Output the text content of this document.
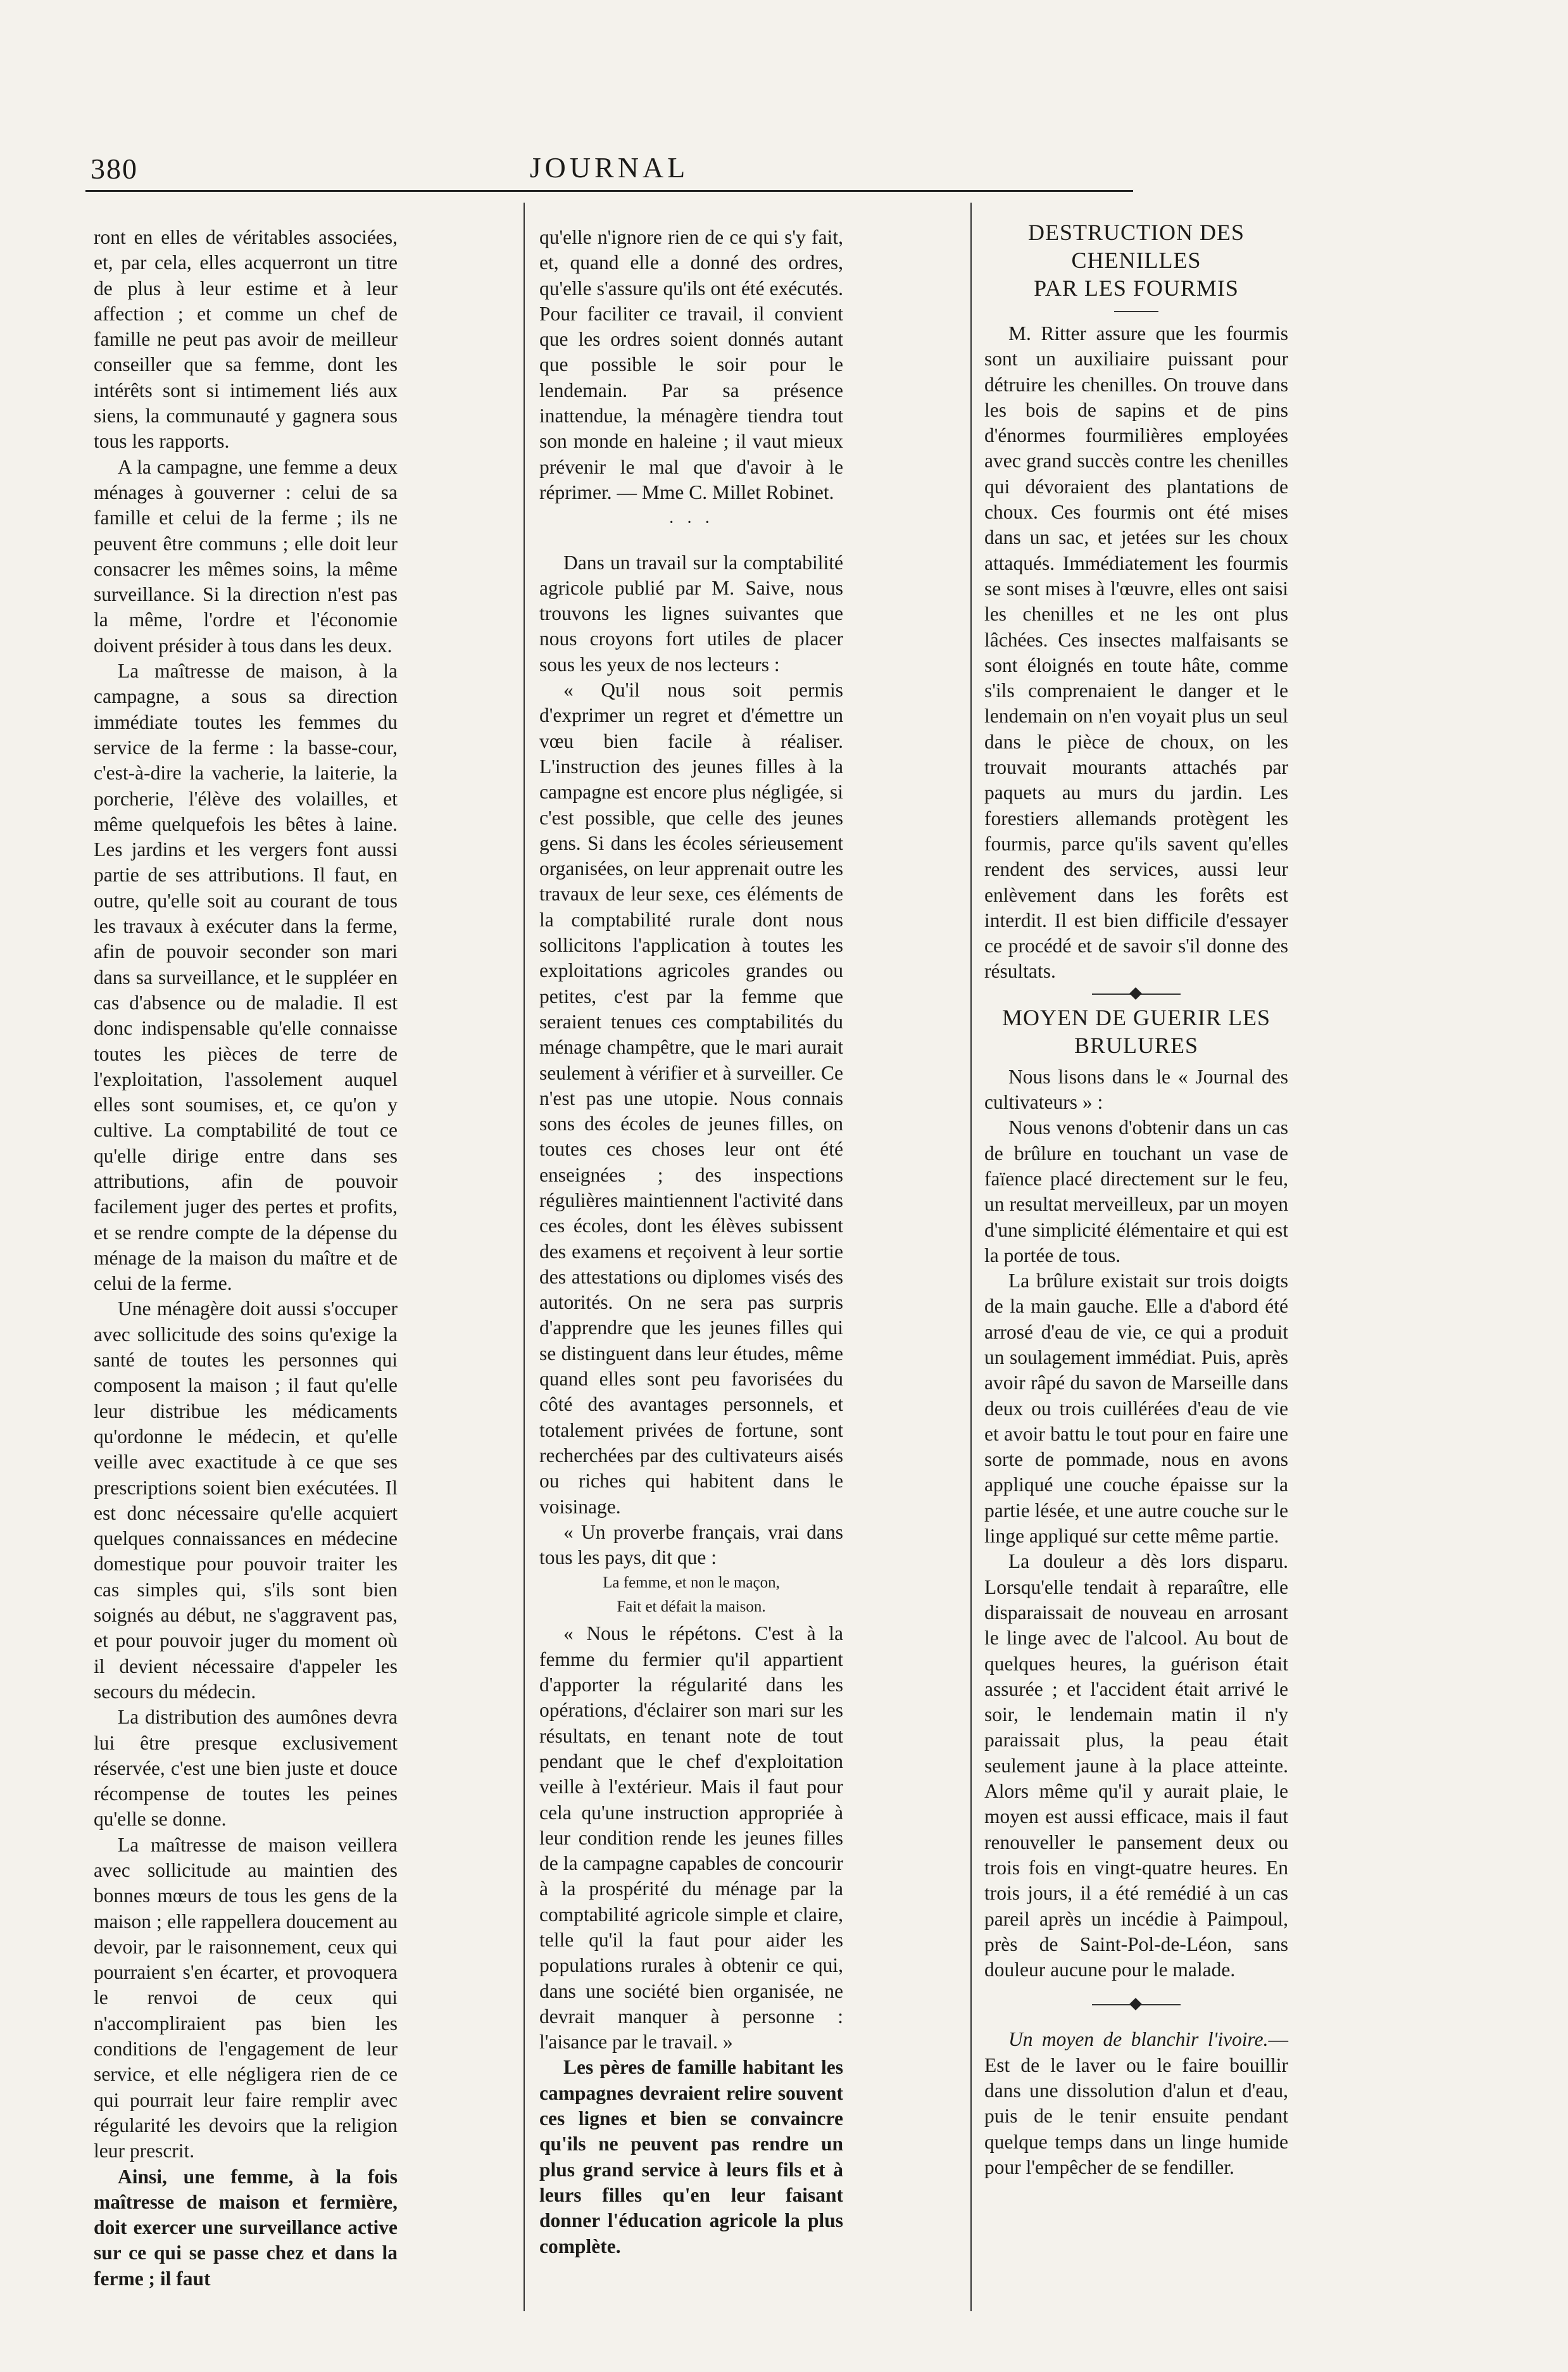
380	JOURNAL

ront en elles de véritables associées, et, par cela, elles acquerront un titre de plus à leur estime et à leur affection ; et comme un chef de famille ne peut pas avoir de meilleur conseiller que sa femme, dont les intérêts sont si intimement liés aux siens, la communauté y gagnera sous tous les rapports.

A la campagne, une femme a deux ménages à gouverner : celui de sa famille et celui de la ferme ; ils ne peuvent être communs ; elle doit leur consacrer les mêmes soins, la même surveillance. Si la direction n'est pas la même, l'ordre et l'économie doivent présider à tous dans les deux.

La maîtresse de maison, à la campagne, a sous sa direction immédiate toutes les femmes du service de la ferme : la basse-cour, c'est-à-dire la vacherie, la laiterie, la porcherie, l'élève des volailles, et même quelquefois les bêtes à laine. Les jardins et les vergers font aussi partie de ses attributions. Il faut, en outre, qu'elle soit au courant de tous les travaux à exécuter dans la ferme, afin de pouvoir seconder son mari dans sa surveillance, et le suppléer en cas d'absence ou de maladie. Il est donc indispensable qu'elle connaisse toutes les pièces de terre de l'exploitation, l'assolement auquel elles sont soumises, et, ce qu'on y cultive. La comptabilité de tout ce qu'elle dirige entre dans ses attributions, afin de pouvoir facilement juger des pertes et profits, et se rendre compte de la dépense du ménage de la maison du maître et de celui de la ferme.

Une ménagère doit aussi s'occuper avec sollicitude des soins qu'exige la santé de toutes les personnes qui composent la maison ; il faut qu'elle leur distribue les médicaments qu'ordonne le médecin, et qu'elle veille avec exactitude à ce que ses prescriptions soient bien exécutées. Il est donc nécessaire qu'elle acquiert quelques connaissances en médecine domestique pour pouvoir traiter les cas simples qui, s'ils sont bien soignés au début, ne s'aggravent pas, et pour pouvoir juger du moment où il devient nécessaire d'appeler les secours du médecin.

La distribution des aumônes devra lui être presque exclusivement réservée, c'est une bien juste et douce récompense de toutes les peines qu'elle se donne.

La maîtresse de maison veillera avec sollicitude au maintien des bonnes mœurs de tous les gens de la maison ; elle rappellera doucement au devoir, par le raisonnement, ceux qui pourraient s'en écarter, et provoquera le renvoi de ceux qui n'accompliraient pas bien les conditions de l'engagement de leur service, et elle négligera rien de ce qui pourrait leur faire remplir avec régularité les devoirs que la religion leur prescrit.

Ainsi, une femme, à la fois maîtresse de maison et fermière, doit exercer une surveillance active sur ce qui se passe chez et dans la ferme ; il faut

qu'elle n'ignore rien de ce qui s'y fait, et, quand elle a donné des ordres, qu'elle s'assure qu'ils ont été exécutés. Pour faciliter ce travail, il convient que les ordres soient donnés autant que possible le soir pour le lendemain. Par sa présence inattendue, la ménagère tiendra tout son monde en haleine ; il vaut mieux prévenir le mal que d'avoir à le réprimer. — Mme C. Millet Robinet.

· · ·

Dans un travail sur la comptabilité agricole publié par M. Saive, nous trouvons les lignes suivantes que nous croyons fort utiles de placer sous les yeux de nos lecteurs :

« Qu'il nous soit permis d'exprimer un regret et d'émettre un vœu bien facile à réaliser. L'instruction des jeunes filles à la campagne est encore plus négligée, si c'est possible, que celle des jeunes gens. Si dans les écoles sérieusement organisées, on leur apprenait outre les travaux de leur sexe, ces éléments de la comptabilité rurale dont nous sollicitons l'application à toutes les exploitations agricoles grandes ou petites, c'est par la femme que seraient tenues ces comptabilités du ménage champêtre, que le mari aurait seulement à vérifier et à surveiller. Ce n'est pas une utopie. Nous connais sons des écoles de jeunes filles, on toutes ces choses leur ont été enseignées ; des inspections régulières maintiennent l'activité dans ces écoles, dont les élèves subissent des examens et reçoivent à leur sortie des attestations ou diplomes visés des autorités. On ne sera pas surpris d'apprendre que les jeunes filles qui se distinguent dans leur études, même quand elles sont peu favorisées du côté des avantages personnels, et totalement privées de fortune, sont recherchées par des cultivateurs aisés ou riches qui habitent dans le voisinage.

« Un proverbe français, vrai dans tous les pays, dit que :

La femme, et non le maçon,
Fait et défait la maison.

« Nous le répétons. C'est à la femme du fermier qu'il appartient d'apporter la régularité dans les opérations, d'éclairer son mari sur les résultats, en tenant note de tout pendant que le chef d'exploitation veille à l'extérieur. Mais il faut pour cela qu'une instruction appropriée à leur condition rende les jeunes filles de la campagne capables de concourir à la prospérité du ménage par la comptabilité agricole simple et claire, telle qu'il la faut pour aider les populations rurales à obtenir ce qui, dans une société bien organisée, ne devrait manquer à personne : l'aisance par le travail. »

Les pères de famille habitant les campagnes devraient relire souvent ces lignes et bien se convaincre qu'ils ne peuvent pas rendre un plus grand service à leurs fils et à leurs filles qu'en leur faisant donner l'éducation agricole la plus complète.

DESTRUCTION DES CHENILLES
PAR LES FOURMIS

M. Ritter assure que les fourmis sont un auxiliaire puissant pour détruire les chenilles. On trouve dans les bois de sapins et de pins d'énormes fourmilières employées avec grand succès contre les chenilles qui dévoraient des plantations de choux. Ces fourmis ont été mises dans un sac, et jetées sur les choux attaqués. Immédiatement les fourmis se sont mises à l'œuvre, elles ont saisi les chenilles et ne les ont plus lâchées. Ces insectes malfaisants se sont éloignés en toute hâte, comme s'ils comprenaient le danger et le lendemain on n'en voyait plus un seul dans le pièce de choux, on les trouvait mourants attachés par paquets au murs du jardin. Les forestiers allemands protègent les fourmis, parce qu'ils savent qu'elles rendent des services, aussi leur enlèvement dans les forêts est interdit. Il est bien difficile d'essayer ce procédé et de savoir s'il donne des résultats.

MOYEN DE GUERIR LES
BRULURES

Nous lisons dans le « Journal des cultivateurs » :

Nous venons d'obtenir dans un cas de brûlure en touchant un vase de faïence placé directement sur le feu, un resultat merveilleux, par un moyen d'une simplicité élémentaire et qui est la portée de tous.

La brûlure existait sur trois doigts de la main gauche. Elle a d'abord été arrosé d'eau de vie, ce qui a produit un soulagement immédiat. Puis, après avoir râpé du savon de Marseille dans deux ou trois cuillérées d'eau de vie et avoir battu le tout pour en faire une sorte de pommade, nous en avons appliqué une couche épaisse sur la partie lésée, et une autre couche sur le linge appliqué sur cette même partie.

La douleur a dès lors disparu. Lorsqu'elle tendait à reparaître, elle disparaissait de nouveau en arrosant le linge avec de l'alcool. Au bout de quelques heures, la guérison était assurée ; et l'accident était arrivé le soir, le lendemain matin il n'y paraissait plus, la peau était seulement jaune à la place atteinte. Alors même qu'il y aurait plaie, le moyen est aussi efficace, mais il faut renouveller le pansement deux ou trois fois en vingt-quatre heures. En trois jours, il a été remédié à un cas pareil après un incédie à Paimpoul, près de Saint-Pol-de-Léon, sans douleur aucune pour le malade.

Un moyen de blanchir l'ivoire.— Est de le laver ou le faire bouillir dans une dissolution d'alun et d'eau, puis de le tenir ensuite pendant quelque temps dans un linge humide pour l'empêcher de se fendiller.
